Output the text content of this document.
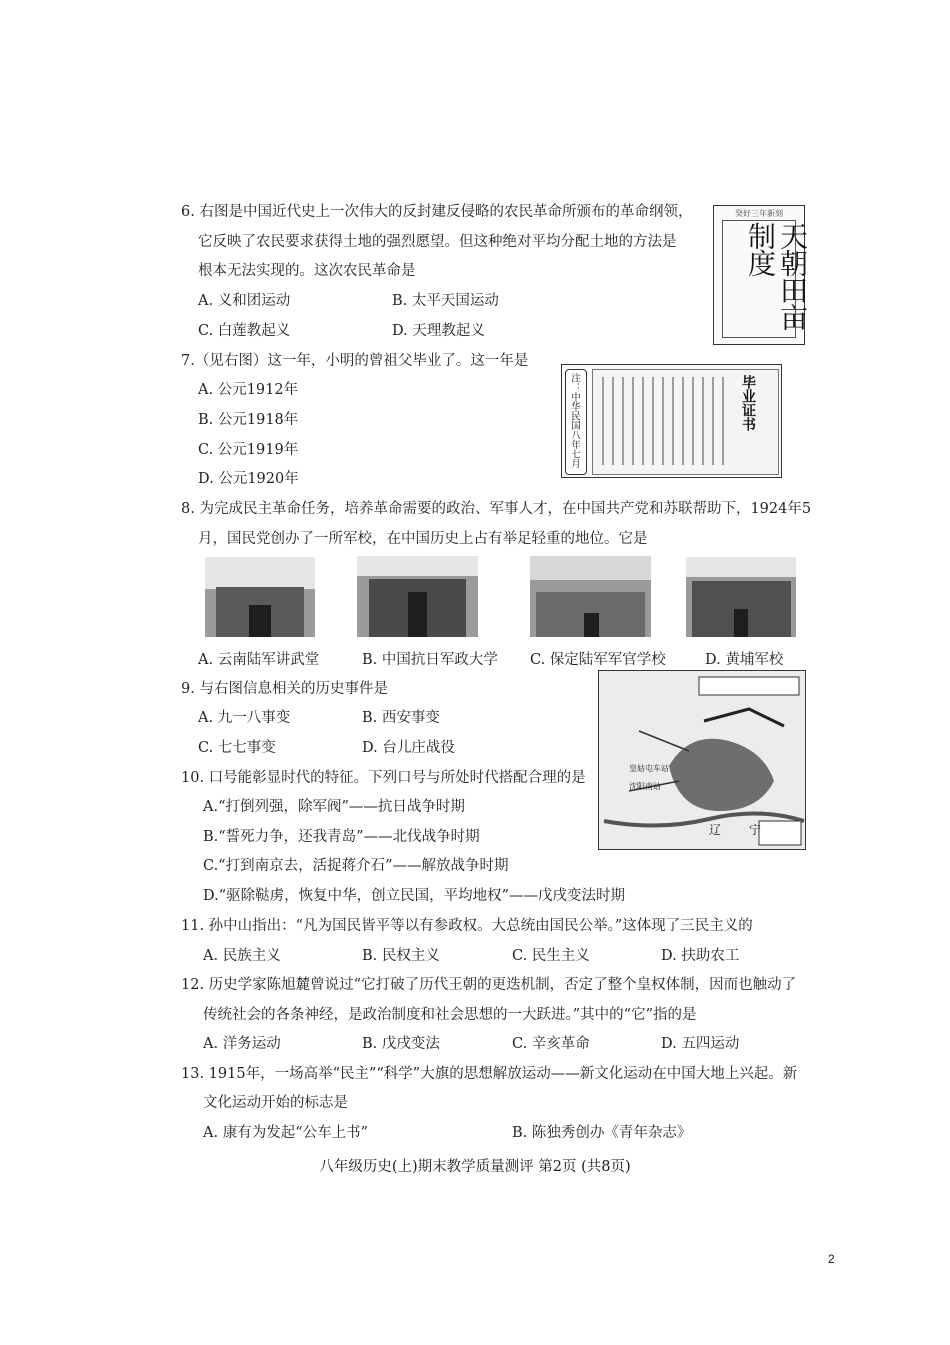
6. 右图是中国近代史上一次伟大的反封建反侵略的农民革命所颁布的革命纲领，
它反映了农民要求获得土地的强烈愿望。但这种绝对平均分配土地的方法是
根本无法实现的。这次农民革命是
A. 义和团运动	B. 太平天国运动
C. 白莲教起义	D. 天理教起义
癸好三年新刻
天朝田亩制度
7.（见右图）这一年，小明的曾祖父毕业了。这一年是
A. 公元1912年
B. 公元1918年
C. 公元1919年
D. 公元1920年
注：中华民国八年七月	毕业证书
8. 为完成民主革命任务，培养革命需要的政治、军事人才，在中国共产党和苏联帮助下，1924年5
月，国民党创办了一所军校，在中国历史上占有举足轻重的地位。它是
A. 云南陆军讲武堂	B. 中国抗日军政大学 C. 保定陆军军官学校	D. 黄埔军校
9. 与右图信息相关的历史事件是
A. 九一八事变	B. 西安事变
C. 七七事变	D. 台儿庄战役
皇姑屯车站
沈阳南站
辽 宁
10. 口号能彰显时代的特征。下列口号与所处时代搭配合理的是
A.“打倒列强，除军阀”——抗日战争时期
B.“誓死力争，还我青岛”——北伐战争时期
C.“打到南京去，活捉蒋介石”——解放战争时期
D.“驱除鞑虏，恢复中华，创立民国，平均地权”——戊戌变法时期
11. 孙中山指出：“凡为国民皆平等以有参政权。大总统由国民公举。”这体现了三民主义的
A. 民族主义	B. 民权主义	C. 民生主义	D. 扶助农工
12. 历史学家陈旭麓曾说过“它打破了历代王朝的更迭机制，否定了整个皇权体制，因而也触动了
传统社会的各条神经，是政治制度和社会思想的一大跃进。”其中的“它”指的是
A. 洋务运动	B. 戊戌变法	C. 辛亥革命	D. 五四运动
13. 1915年，一场高举“民主”“科学”大旗的思想解放运动——新文化运动在中国大地上兴起。新
文化运动开始的标志是
A. 康有为发起“公车上书”	B. 陈独秀创办《青年杂志》
八年级历史(上)期末教学质量测评 第2页 (共8页)
2
